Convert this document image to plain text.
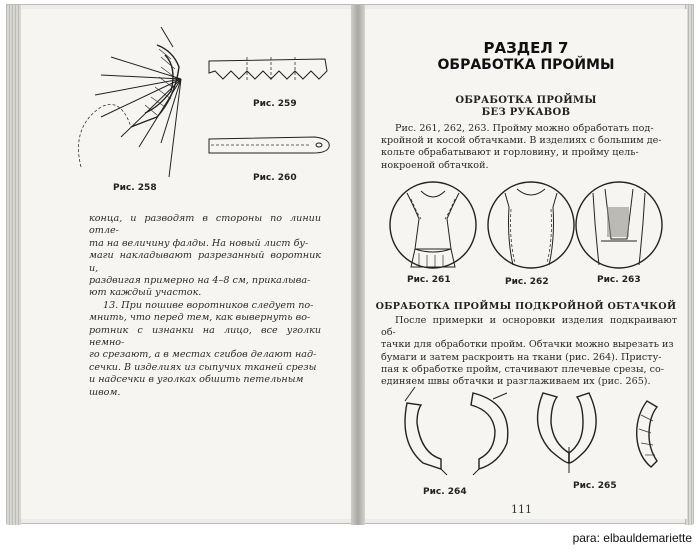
Рис. 258
Рис. 259
Рис. 260

конца, и разводят в стороны по линии отле-

та на величину фалды. На новый лист бу-

маги накладывают разрезанный воротник и,

раздвигая примерно на 4–8 см, прикалыва-

ют каждый участок.

13. При пошиве воротников следует по-

мнить, что перед тем, как вывернуть во-

ротник с изнанки на лицо, все уголки немно-

го срезают, а в местах сгибов делают над-

сечки. В изделиях из сыпучих тканей срезы

и надсечки в уголках обшить петельным

швом.

РАЗДЕЛ 7
ОБРАБОТКА ПРОЙМЫ
ОБРАБОТКА ПРОЙМЫ
БЕЗ РУКАВОВ

Рис. 261, 262, 263. Пройму можно обработать под-

кройной и косой обтачками. В изделиях с большим де-

кольте обрабатывают и горловину, и пройму цель-

нокроеной обтачкой.

Рис. 261	Рис. 262	Рис. 263
ОБРАБОТКА ПРОЙМЫ ПОДКРОЙНОЙ ОБТАЧКОЙ

После примерки и осноровки изделия подкраивают об-

тачки для обработки пройм. Обтачки можно вырезать из

бумаги и затем раскроить на ткани (рис. 264). Присту-

пая к обработке пройм, стачивают плечевые срезы, со-

единяем швы обтачки и разглаживаем их (рис. 265).

Рис. 264
Рис. 265
111
para: elbauldemariette
